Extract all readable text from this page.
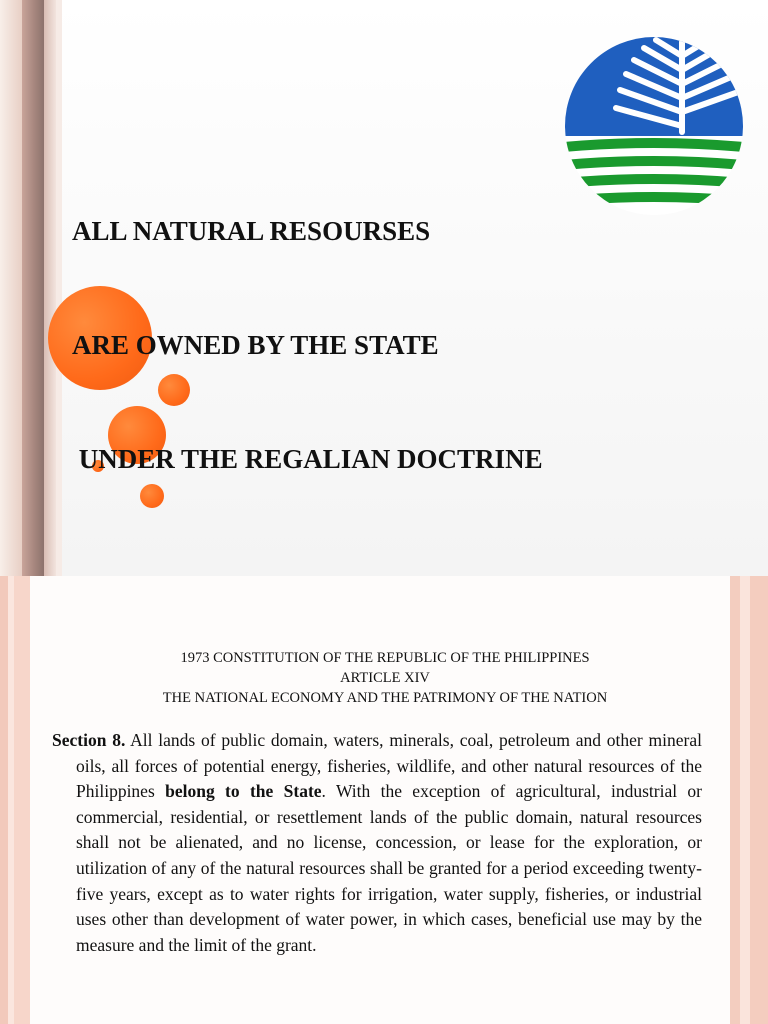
ALL NATURAL RESOURSES

ARE OWNED BY THE STATE

UNDER THE REGALIAN DOCTRINE

1973 CONSTITUTION OF THE REPUBLIC OF THE PHILIPPINES
ARTICLE XIV
THE NATIONAL ECONOMY AND THE PATRIMONY OF THE NATION
Section 8. All lands of public domain, waters, minerals, coal, petroleum and other mineral oils, all forces of potential energy, fisheries, wildlife, and other natural resources of the Philippines belong to the State. With the exception of agricultural, industrial or commercial, residential, or resettlement lands of the public domain, natural resources shall not be alienated, and no license, concession, or lease for the exploration, or utilization of any of the natural resources shall be granted for a period exceeding twenty-five years, except as to water rights for irrigation, water supply, fisheries, or industrial uses other than development of water power, in which cases, beneficial use may by the measure and the limit of the grant.
